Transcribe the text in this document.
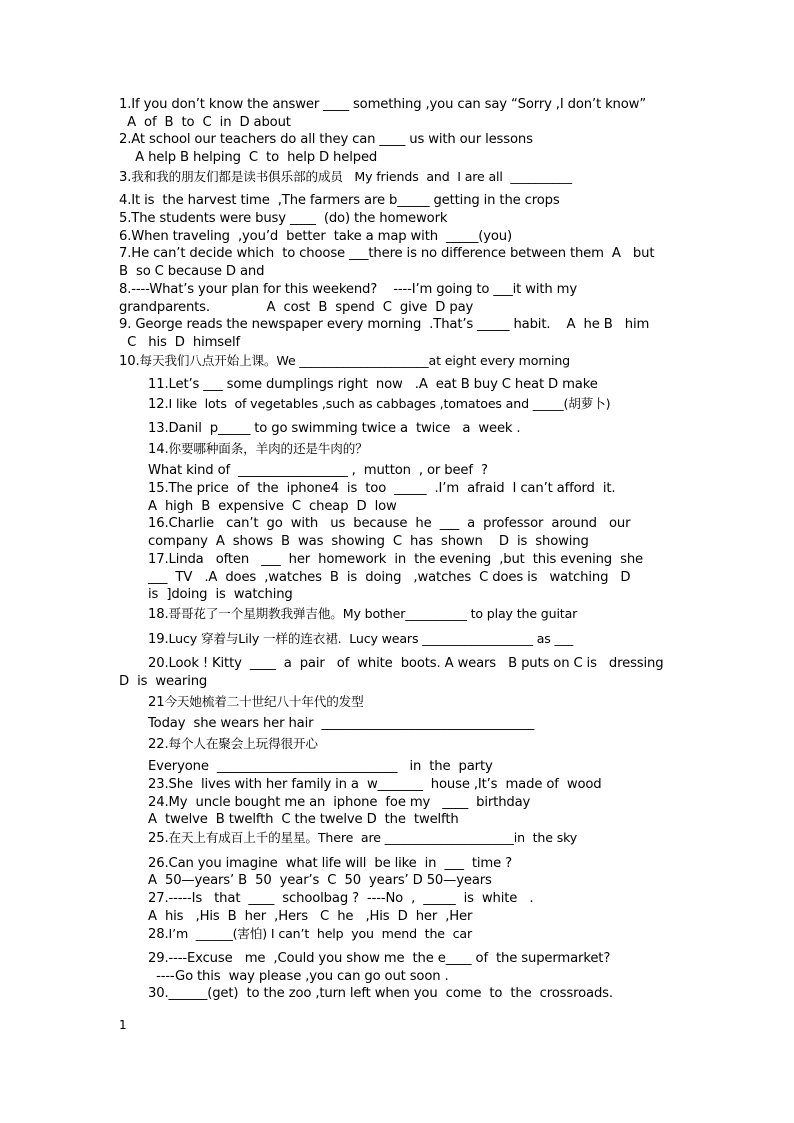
1.If you don’t know the answer ____ something ,you can say “Sorry ,I don’t know”
A  of  B  to  C  in  D about
2.At school our teachers do all they can ____ us with our lessons
A help B helping  C  to  help D helped
3.我和我的朋友们都是读书俱乐部的成员   My friends  and  I are all  __________
4.It is  the harvest time  ,The farmers are b_____ getting in the crops
5.The students were busy ____  (do) the homework
6.When traveling  ,you’d  better  take a map with  _____(you)
7.He can’t decide which  to choose ___there is no difference between them  A   but
B  so C because D and
8.----What’s your plan for this weekend?    ----I’m going to ___it with my
grandparents.              A  cost  B  spend  C  give  D pay
9. George reads the newspaper every morning  .That’s _____ habit.    A  he B   him
C   his  D  himself
10.每天我们八点开始上课。We _____________________at eight every morning
11.Let’s ___ some dumplings right  now   .A  eat B buy C heat D make
12.I like  lots  of vegetables ,such as cabbages ,tomatoes and _____(胡萝卜)
13.Danil  p_____ to go swimming twice a  twice   a  week .
14.你要哪种面条，羊肉的还是牛肉的？
What kind of  _________________ ,  mutton  , or beef  ?
15.The price  of  the  iphone4  is  too  _____  .I’m  afraid  I can’t afford  it.
A  high  B  expensive  C  cheap  D  low
16.Charlie   can’t  go  with   us  because  he  ___  a  professor  around   our
company  A  shows  B  was  showing  C  has  shown    D  is  showing
17.Linda   often   ___  her  homework  in  the evening  ,but  this evening  she
___  TV   .A  does  ,watches  B  is  doing   ,watches  C does is   watching   D
is  ]doing  is  watching
18.哥哥花了一个星期教我弹吉他。My bother__________ to play the guitar
19.Lucy 穿着与Lily 一样的连衣裙.  Lucy wears __________________ as ___
20.Look ! Kitty  ____  a  pair   of  white  boots. A wears   B puts on C is   dressing
D  is  wearing
21今天她梳着二十世纪八十年代的发型
Today  she wears her hair  _________________________________
22.每个人在聚会上玩得很开心
Everyone  ____________________________   in  the  party
23.She  lives with her family in a  w_______  house ,It’s  made of  wood
24.My  uncle bought me an  iphone  foe my   ____  birthday
A  twelve  B twelfth  C the twelve D  the  twelfth
25.在天上有成百上千的星星。There  are _____________________in  the sky
26.Can you imagine  what life will  be like  in  ___  time ?
A  50—years’ B  50  year’s  C  50  years’ D 50—years
27.-----Is   that  ____  schoolbag ?  ----No  ,  _____  is  white   .
A  his   ,His  B  her  ,Hers   C  he   ,His  D  her  ,Her
28.I’m  ______(害怕) I can’t  help  you  mend  the  car
29.----Excuse   me  ,Could you show me  the e____ of  the supermarket?
----Go this  way please ,you can go out soon .
30.______(get)  to the zoo ,turn left when you  come  to  the  crossroads.
1
